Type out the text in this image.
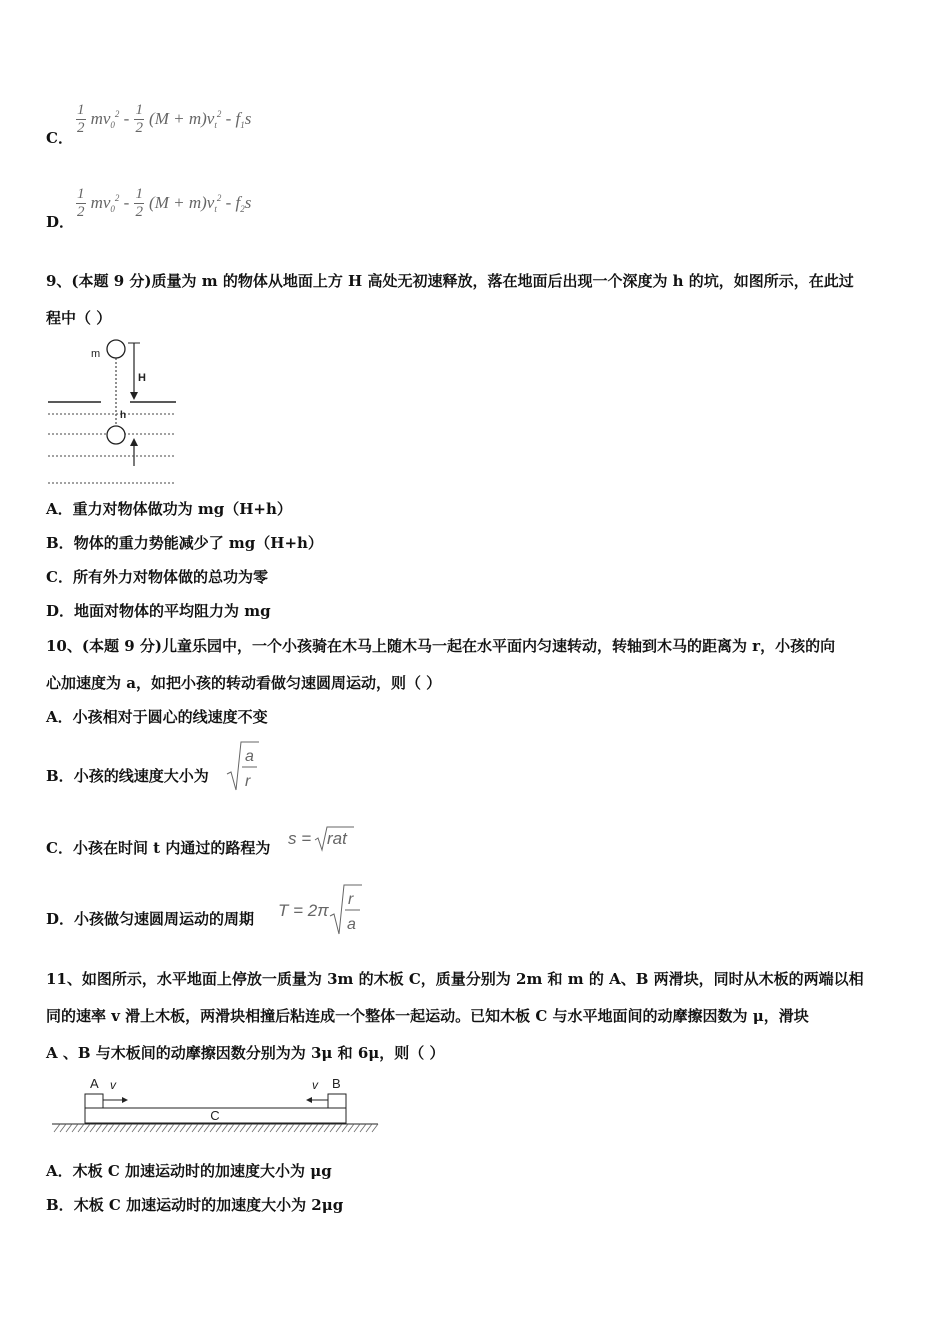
C．
$\frac{1}{2} mv_0^2 - \frac{1}{2} (M + m)v_t^2 - f_1s$
D．
$\frac{1}{2} mv_0^2 - \frac{1}{2} (M + m)v_t^2 - f_2s$
9、(本题 9 分)质量为 m 的物体从地面上方 H 高处无初速释放，落在地面后出现一个深度为 h 的坑，如图所示，在此过
程中（ ）
m
H
h
A．重力对物体做功为 mg（H+h）
B．物体的重力势能减少了 mg（H+h）
C．所有外力对物体做的总功为零
D．地面对物体的平均阻力为 mg
10、(本题 9 分)儿童乐园中，一个小孩骑在木马上随木马一起在水平面内匀速转动，转轴到木马的距离为 r，小孩的向
心加速度为 a，如把小孩的转动看做匀速圆周运动，则（ ）
A．小孩相对于圆心的线速度不变
B．小孩的线速度大小为
a
r
C．小孩在时间 t 内通过的路程为 s = rat
D．小孩做匀速圆周运动的周期 T = 2π
r
a
11、如图所示，水平地面上停放一质量为 3m 的木板 C，质量分别为 2m 和 m 的 A、B 两滑块，同时从木板的两端以相
同的速率 v 滑上木板，两滑块相撞后粘连成一个整体一起运动。已知木板 C 与水平地面间的动摩擦因数为 μ，滑块
A 、B 与木板间的动摩擦因数分别为为 3μ 和 6μ，则（ ）
A v	v B
C
A．木板 C 加速运动时的加速度大小为 μg
B．木板 C 加速运动时的加速度大小为 2μg
